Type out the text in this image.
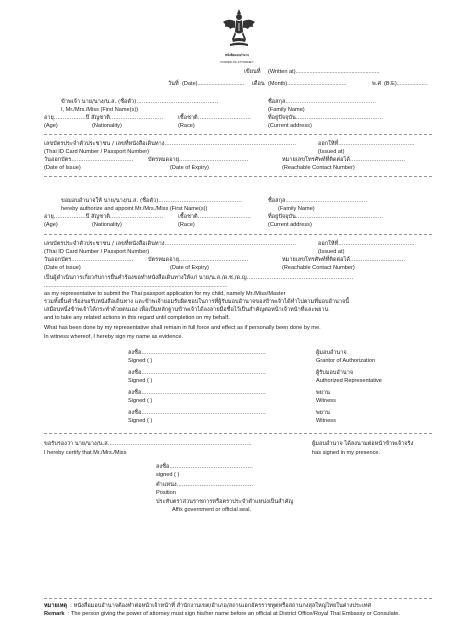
หนังสือมอบอำนาจ
POWER OF ATTORNEY
เขียนที่ (Written at)......................................................
วันที่ (Date).............................. เดือน (Month)......................................	พ.ศ (B.E)....................
ข้าพเจ้า นาย/นาง/น.ส. (ชื่อตัว)..............................................	ชื่อสกุล...................................................
I, Mr./Mrs./Miss (First Name(s))	(Family Name)
อายุ..................ปี สัญชาติ..............................	เชื้อชาติ..............................	ที่อยู่ปัจจุบัน.................................................
(Age)	(Nationality)	(Race)	(Current address)
เลขบัตรประจำตัวประชาชน / เลขที่หนังสือเดินทาง..........................................................................	ออกให้ที่...........................................
(Thai ID Card Number / Passport Number)	(Issued at)
วันออกบัตร...................................	บัตรหมดอายุ.......................................	หมายเลขโทรศัพท์ที่ติดต่อได้...............................
(Date of Issue)	(Date of Expiry)	(Reachable Contact Number)
ขอมอบอำนาจให้ นาย/นาง/น.ส. (ชื่อตัว)...............................................	ชื่อสกุล..............................................
hereby authorize and appoint Mr./Mrs./Miss (First Name(s))	(Family Name)
อายุ..................ปี สัญชาติ..............................	เชื้อชาติ..............................	ที่อยู่ปัจจุบัน.................................................
(Age)	(Nationality)	(Race)	(Current address)
เลขบัตรประจำตัวประชาชน / เลขที่หนังสือเดินทาง..........................................................................	ออกให้ที่...........................................
(Thai ID Card Number / Passport Number)	(Issued at)
วันออกบัตร...................................	บัตรหมดอายุ.......................................	หมายเลขโทรศัพท์ที่ติดต่อได้...............................
(Date of Issue)	(Date of Expiry)	(Reachable Contact Number)
เป็นผู้ดำเนินการเกี่ยวกับการยื่นคำร้องขอทำหนังสือเดินทางให้แก่ นาย/น.ส./ด.ช./ด.ญ............................................................
......................................................................................................................
as my representative to submit the Thai passport application for my child, namely Mr./Miss/Master
รวมทั้งยื่นคำร้องขอรับหนังสือเดินทาง และข้าพเจ้ายอมรับผิดชอบในการที่ผู้รับมอบอำนาจของข้าพเจ้าได้ทำไปตามที่มอบอำนาจนี้
เสมือนหนึ่งข้าพเจ้าได้กระทำด้วยตนเอง เพื่อเป็นหลักฐานข้าพเจ้าได้ลงลายมือชื่อไว้เป็นสำคัญต่อหน้าเจ้าหน้าที่และพยาน
and to take any related actions in this regard until completion on my behalf.
What has been done by my representative shall remain in full force and effect as if personally been done by me.
In witness whereof, I hereby sign my name as evidence.
ลงชื่อ......................................................................	ผู้มอบอำนาจ
Signed ( )	Grantor of Authorization
ลงชื่อ......................................................................	ผู้รับมอบอำนาจ
Signed ( )	Authorized Representative
ลงชื่อ......................................................................	พยาน
Signed ( )	Witness
ลงชื่อ......................................................................	พยาน
Signed ( )	Witness
ขอรับรองว่า นาย/นาง/น.ส.................................................................................	ผู้มอบอำนาจ ได้ลงนามต่อหน้าข้าพเจ้าจริง
I hereby certify that Mr./Mrs./Miss	has signed in my presence.
ลงชื่อ...............................................
signed ( )
ตำแหน่ง...........................................
Position
ประทับตราส่วนราชการหรือตราประจำตำแหน่งเป็นสำคัญ
Affix government or official seal.
หมายเหตุ : หนังสือมอบอำนาจต้องทำต่อหน้าเจ้าหน้าที่ สำนักงานเขต/อำเภอ/สถานเอกอัครราชทูตหรือสถานกงสุลใหญ่ไทยในต่างประเทศ
Remark : The person giving the power of attorney must sign his/her name before an official at District Office/Royal Thai Embassy or Consulate.
